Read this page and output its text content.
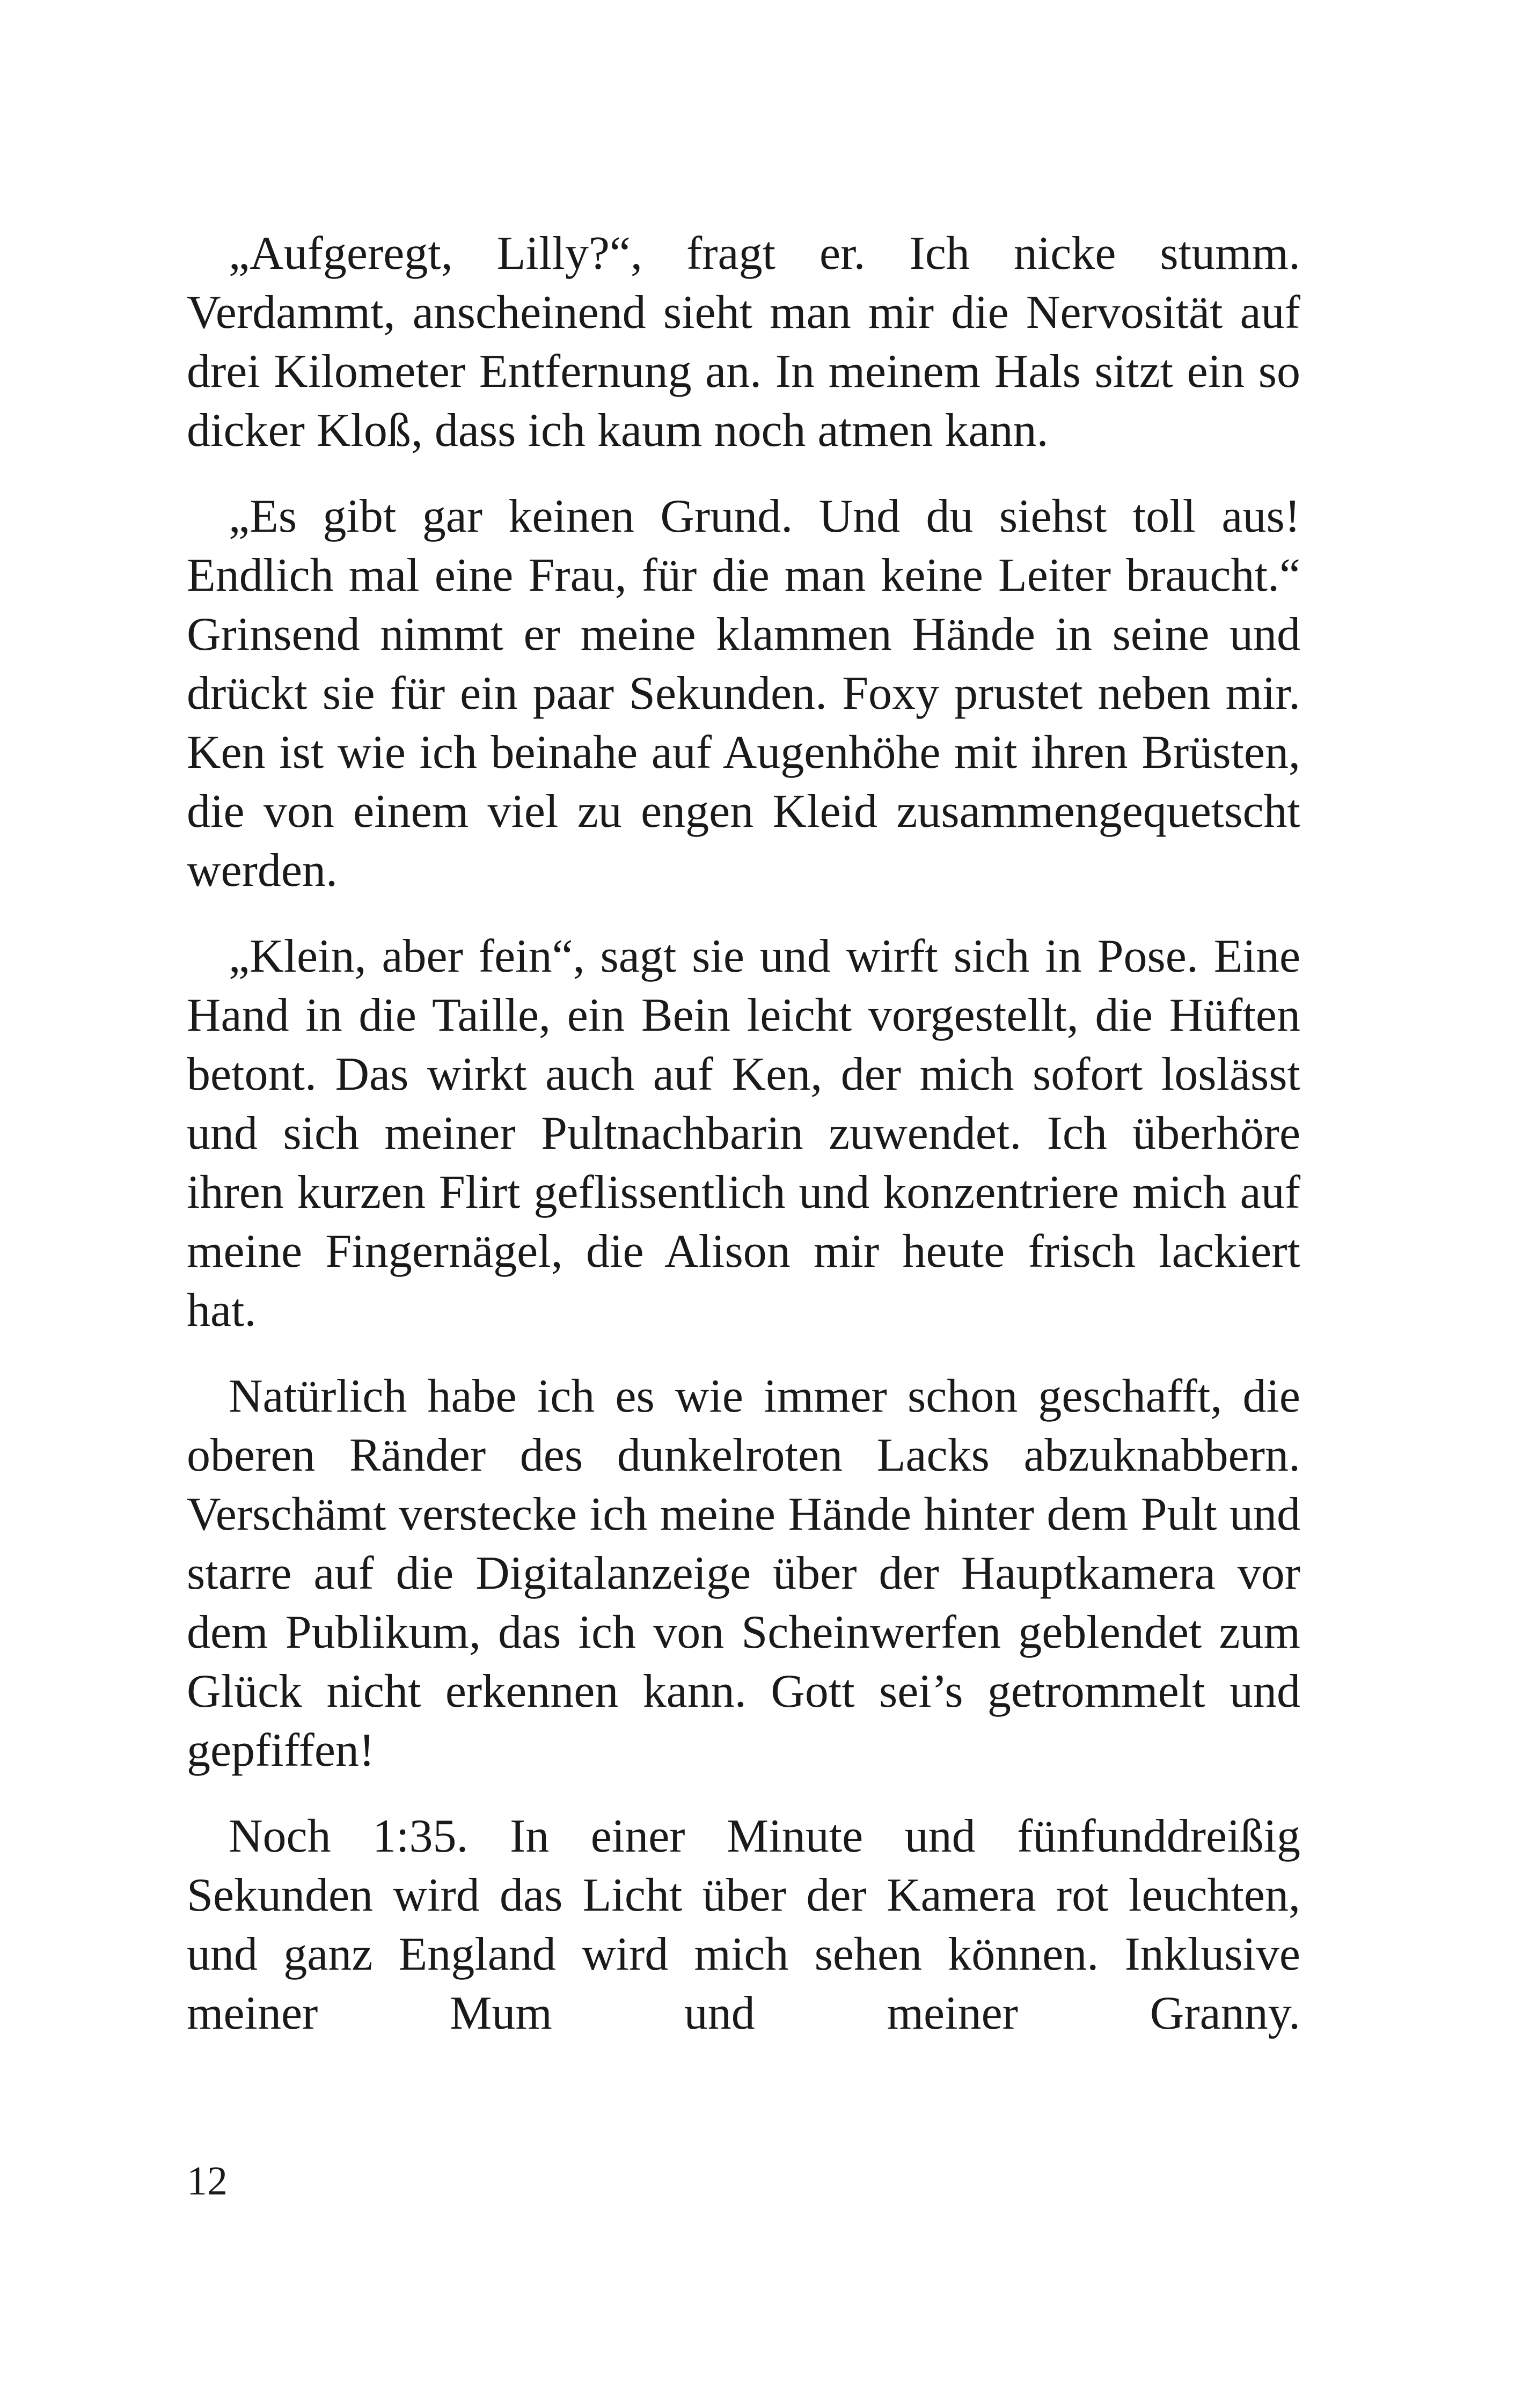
„Aufgeregt, Lilly?“, fragt er. Ich nicke stumm. Verdammt, anscheinend sieht man mir die Nervosität auf drei Kilometer Entfernung an. In meinem Hals sitzt ein so dicker Kloß, dass ich kaum noch atmen kann.

„Es gibt gar keinen Grund. Und du siehst toll aus! Endlich mal eine Frau, für die man keine Leiter braucht.“ Grinsend nimmt er meine klammen Hände in seine und drückt sie für ein paar Sekunden. Foxy prustet neben mir. Ken ist wie ich beinahe auf Augenhöhe mit ihren Brüsten, die von einem viel zu engen Kleid zusammengequetscht werden.

„Klein, aber fein“, sagt sie und wirft sich in Pose. Eine Hand in die Taille, ein Bein leicht vorgestellt, die Hüften betont. Das wirkt auch auf Ken, der mich sofort loslässt und sich meiner Pultnachbarin zuwendet. Ich überhöre ihren kurzen Flirt geflissentlich und konzentriere mich auf meine Fingernägel, die Alison mir heute frisch lackiert hat.

Natürlich habe ich es wie immer schon geschafft, die oberen Ränder des dunkelroten Lacks abzuknabbern. Verschämt verstecke ich meine Hände hinter dem Pult und starre auf die Digitalanzeige über der Hauptkamera vor dem Publikum, das ich von Scheinwerfen geblendet zum Glück nicht erkennen kann. Gott sei’s getrommelt und gepfiffen!

Noch 1:35. In einer Minute und fünfunddreißig Sekunden wird das Licht über der Kamera rot leuchten, und ganz England wird mich sehen können. Inklusive meiner Mum und meiner Granny.

12
